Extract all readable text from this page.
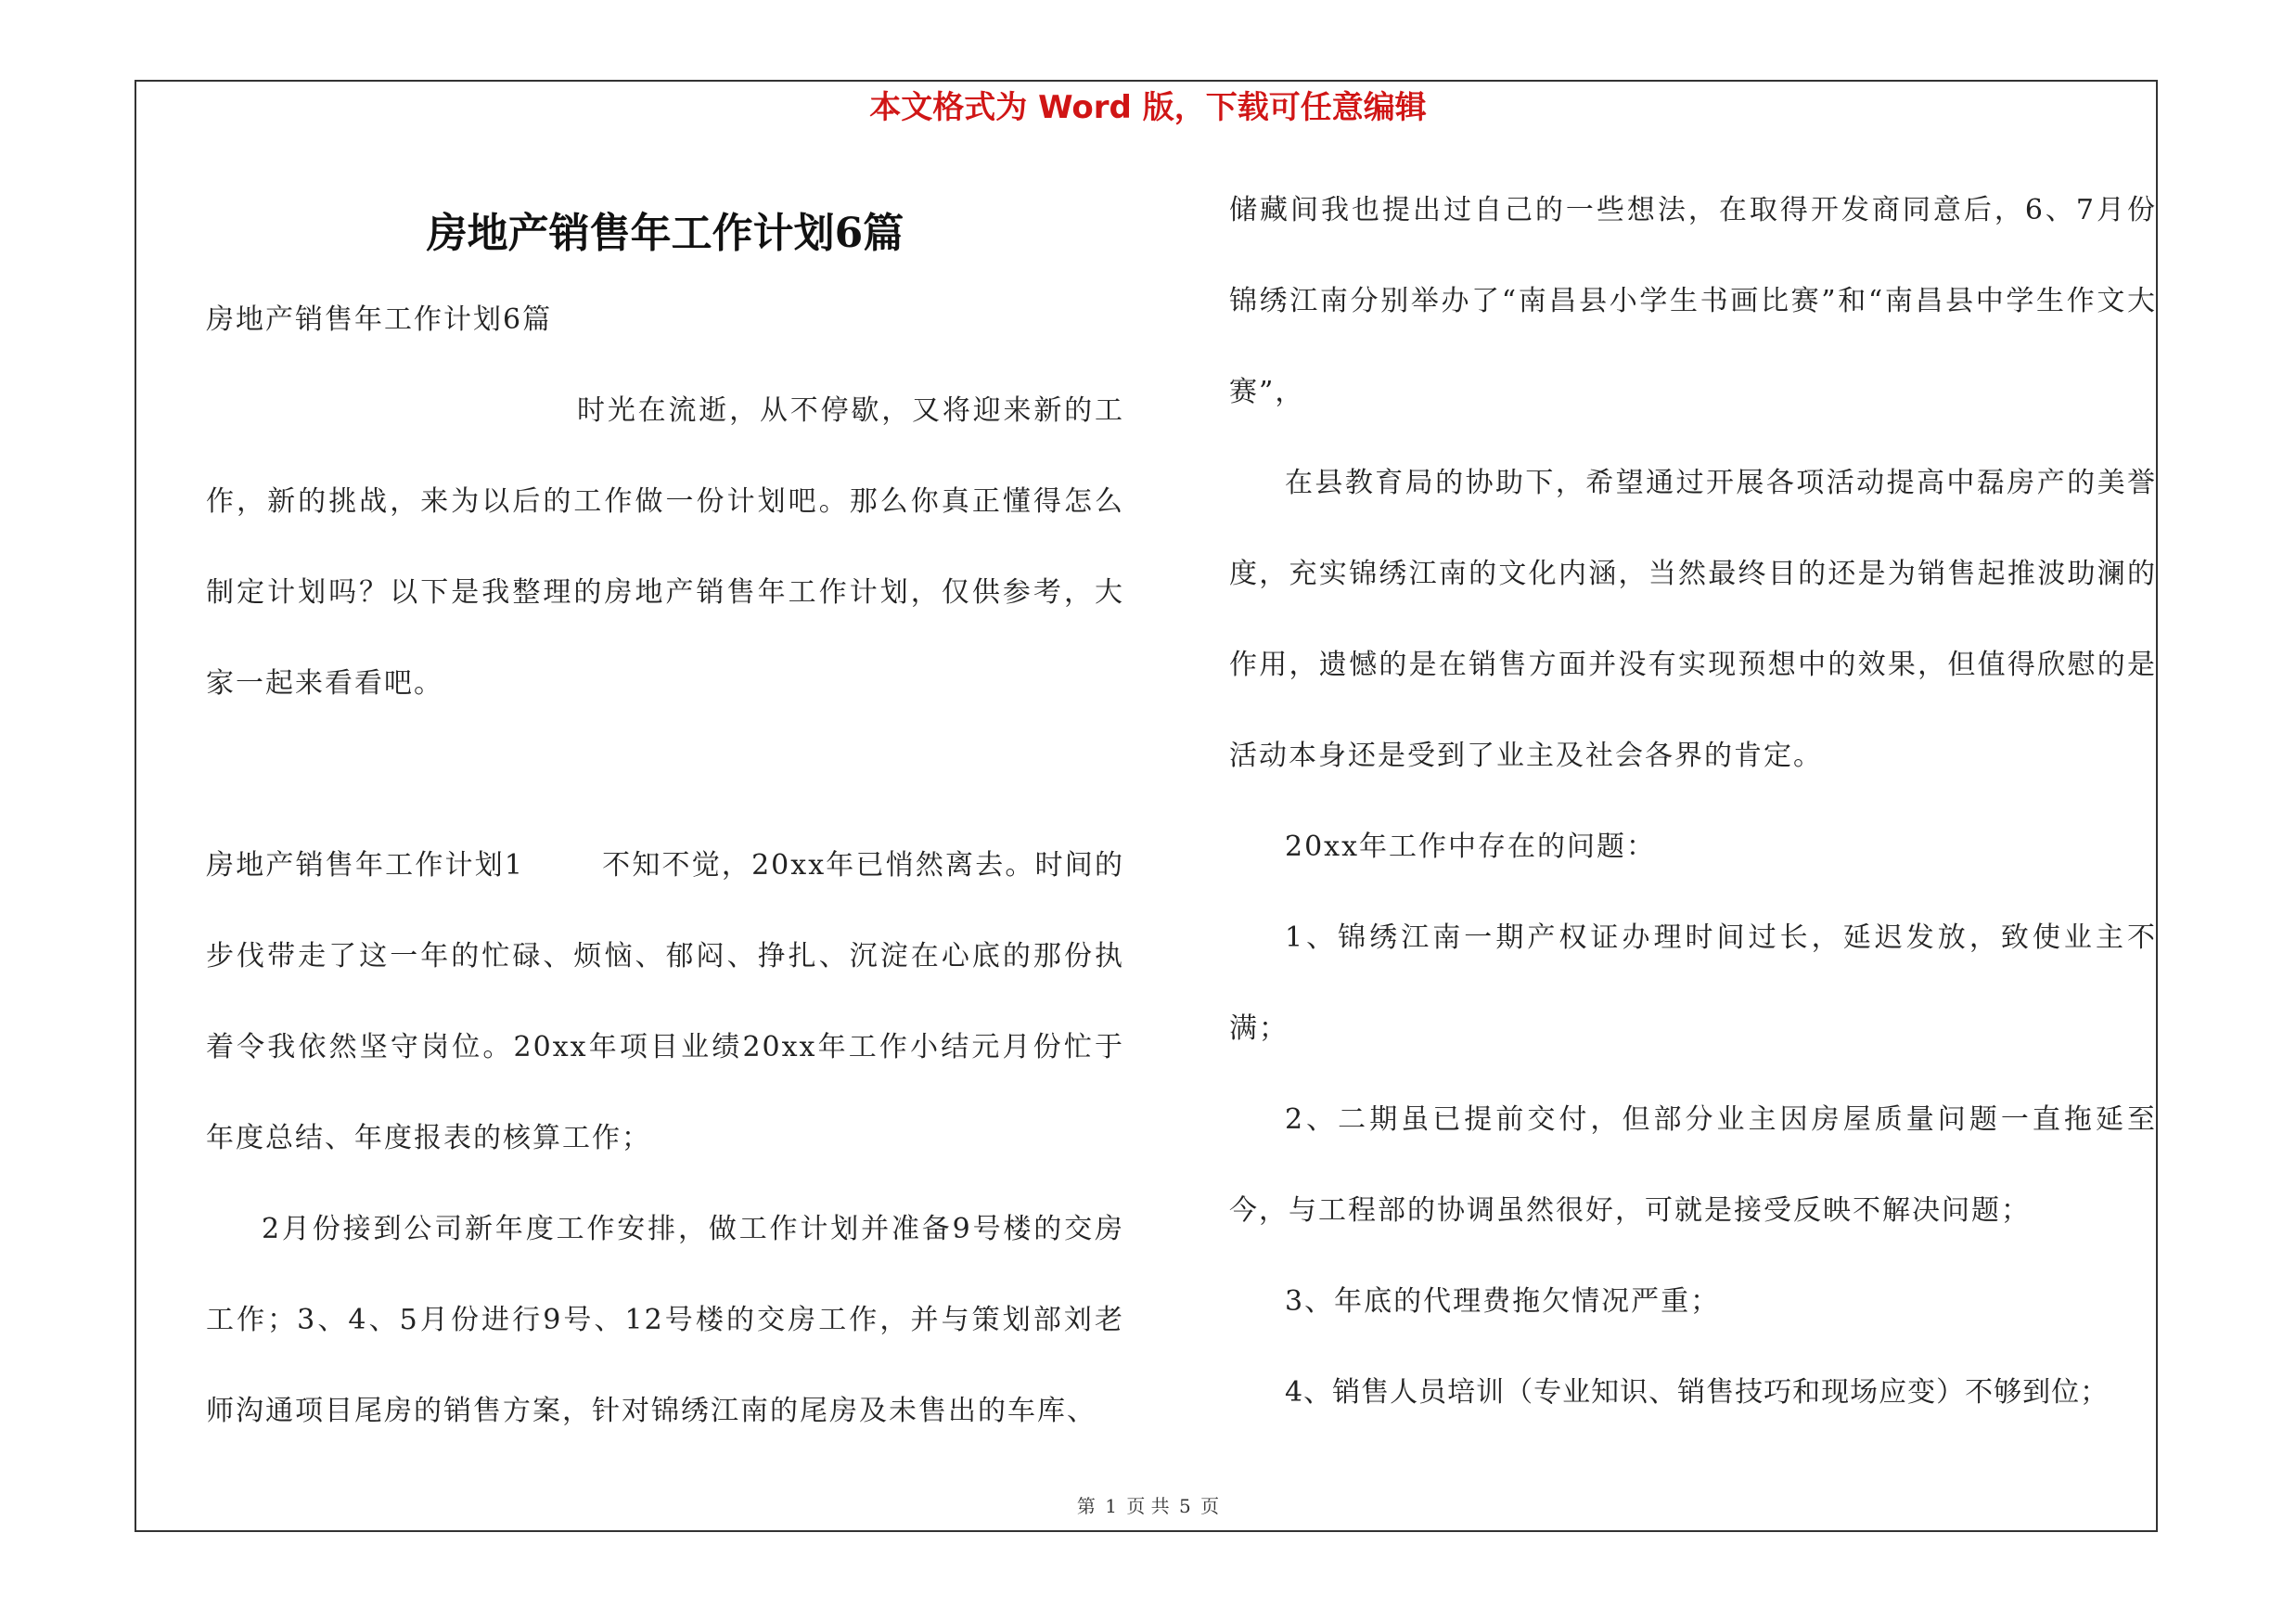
本文格式为 Word 版，下载可任意编辑
房地产销售年工作计划6篇

房地产销售年工作计划6篇

时光在流逝，从不停歇，又将迎来新的工作，新的挑战，来为以后的工作做一份计划吧。那么你真正懂得怎么制定计划吗？以下是我整理的房地产销售年工作计划，仅供参考，大家一起来看看吧。

房地产销售年工作计划1	不知不觉，20xx年已悄然离去。时间的步伐带走了这一年的忙碌、烦恼、郁闷、挣扎、沉淀在心底的那份执着令我依然坚守岗位。20xx年项目业绩20xx年工作小结元月份忙于年度总结、年度报表的核算工作；

2月份接到公司新年度工作安排，做工作计划并准备9号楼的交房工作；3、4、5月份进行9号、12号楼的交房工作，并与策划部刘老师沟通项目尾房的销售方案，针对锦绣江南的尾房及未售出的车库、

储藏间我也提出过自己的一些想法，在取得开发商同意后，6、7月份锦绣江南分别举办了“南昌县小学生书画比赛”和“南昌县中学生作文大赛”，

在县教育局的协助下，希望通过开展各项活动提高中磊房产的美誉度，充实锦绣江南的文化内涵，当然最终目的还是为销售起推波助澜的作用，遗憾的是在销售方面并没有实现预想中的效果，但值得欣慰的是活动本身还是受到了业主及社会各界的肯定。

20xx年工作中存在的问题：

1、锦绣江南一期产权证办理时间过长，延迟发放，致使业主不满；

2、二期虽已提前交付，但部分业主因房屋质量问题一直拖延至今，与工程部的协调虽然很好，可就是接受反映不解决问题；

3、年底的代理费拖欠情况严重；

4、销售人员培训（专业知识、销售技巧和现场应变）不够到位；

第 1 页 共 5 页
